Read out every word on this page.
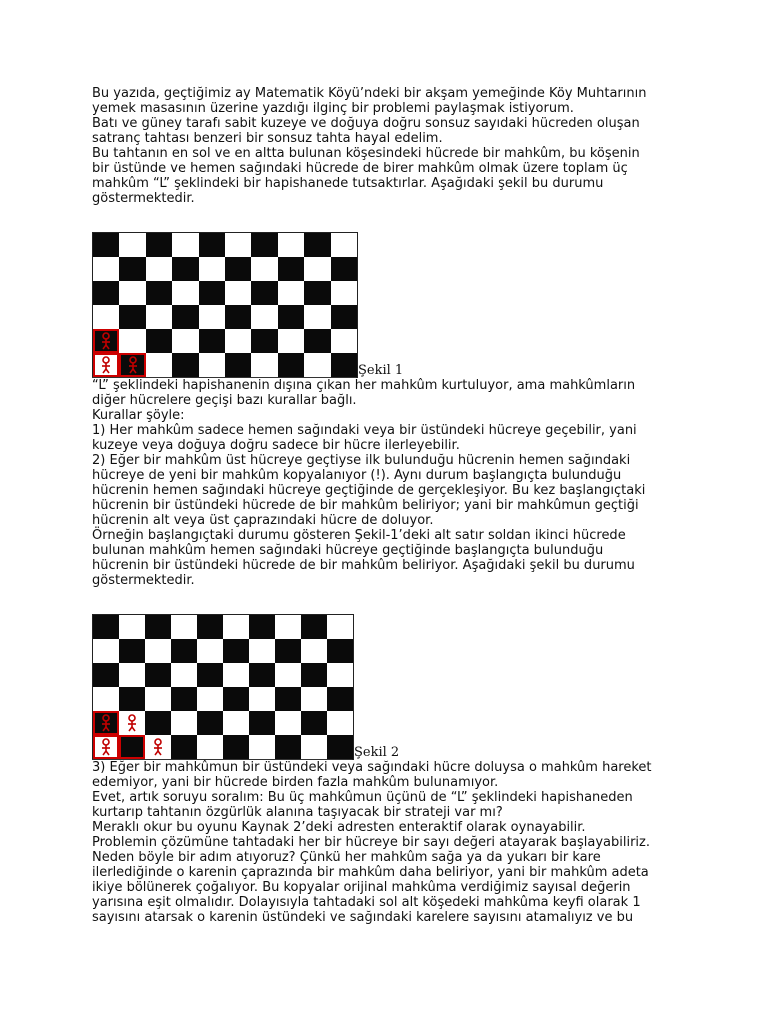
Bu yazıda, geçtiğimiz ay Matematik Köyü’ndeki bir akşam yemeğinde Köy Muhtarının
yemek masasının üzerine yazdığı ilginç bir problemi paylaşmak istiyorum.
Batı ve güney tarafı sabit kuzeye ve doğuya doğru sonsuz sayıdaki hücreden oluşan
satranç tahtası benzeri bir sonsuz tahta hayal edelim.
Bu tahtanın en sol ve en altta bulunan köşesindeki hücrede bir mahkûm, bu köşenin
bir üstünde ve hemen sağındaki hücrede de birer mahkûm olmak üzere toplam üç
mahkûm “L” şeklindeki bir hapishanede tutsaktırlar. Aşağıdaki şekil bu durumu
göstermektedir.

Şekil 1

“L” şeklindeki hapishanenin dışına çıkan her mahkûm kurtuluyor, ama mahkûmların
diğer hücrelere geçişi bazı kurallar bağlı.
Kurallar şöyle:
1) Her mahkûm sadece hemen sağındaki veya bir üstündeki hücreye geçebilir, yani
kuzeye veya doğuya doğru sadece bir hücre ilerleyebilir.
2) Eğer bir mahkûm üst hücreye geçtiyse ilk bulunduğu hücrenin hemen sağındaki
hücreye de yeni bir mahkûm kopyalanıyor (!). Aynı durum başlangıçta bulunduğu
hücrenin hemen sağındaki hücreye geçtiğinde de gerçekleşiyor. Bu kez başlangıçtaki
hücrenin bir üstündeki hücrede de bir mahkûm beliriyor; yani bir mahkûmun geçtiği
hücrenin alt veya üst çaprazındaki hücre de doluyor.
Örneğin başlangıçtaki durumu gösteren Şekil-1’deki alt satır soldan ikinci hücrede
bulunan mahkûm hemen sağındaki hücreye geçtiğinde başlangıçta bulunduğu
hücrenin bir üstündeki hücrede de bir mahkûm beliriyor. Aşağıdaki şekil bu durumu
göstermektedir.

Şekil 2

3) Eğer bir mahkûmun bir üstündeki veya sağındaki hücre doluysa o mahkûm hareket
edemiyor, yani bir hücrede birden fazla mahkûm bulunamıyor.
Evet, artık soruyu soralım: Bu üç mahkûmun üçünü de “L” şeklindeki hapishaneden
kurtarıp tahtanın özgürlük alanına taşıyacak bir strateji var mı?
Meraklı okur bu oyunu Kaynak 2’deki adresten enteraktif olarak oynayabilir.
Problemin çözümüne tahtadaki her bir hücreye bir sayı değeri atayarak başlayabiliriz.
Neden böyle bir adım atıyoruz? Çünkü her mahkûm sağa ya da yukarı bir kare
ilerlediğinde o karenin çaprazında bir mahkûm daha beliriyor, yani bir mahkûm adeta
ikiye bölünerek çoğalıyor. Bu kopyalar orijinal mahkûma verdiğimiz sayısal değerin
yarısına eşit olmalıdır. Dolayısıyla tahtadaki sol alt köşedeki mahkûma keyfi olarak 1
sayısını atarsak o karenin üstündeki ve sağındaki karelere sayısını atamalıyız ve bu
